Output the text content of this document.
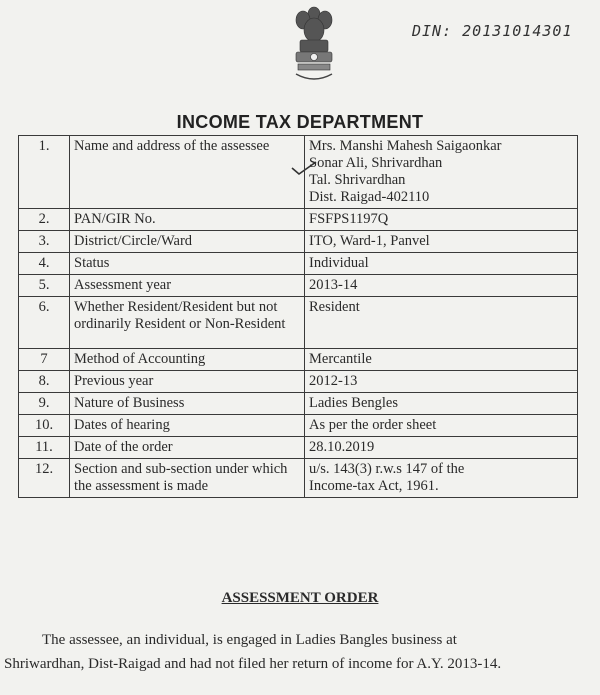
DIN: 20131014301
INCOME TAX DEPARTMENT
1.	Name and address of the assessee	Mrs. Manshi Mahesh Saigaonkar
Sonar Ali, Shrivardhan
Tal. Shrivardhan
Dist. Raigad-402110

2.	PAN/GIR No.	FSFPS1197Q

3.	District/Circle/Ward	ITO, Ward-1, Panvel

4.	Status	Individual

5.	Assessment year	2013-14

6.	Whether Resident/Resident but not ordinarily Resident or Non-Resident	Resident

7	Method of Accounting	Mercantile

8.	Previous year	2012-13

9.	Nature of Business	Ladies Bengles

10.	Dates of hearing	As per the order sheet

11.	Date of the order	28.10.2019

12.	Section and sub-section under which the assessment is made	u/s. 143(3) r.w.s 147 of the
Income-tax Act, 1961.
ASSESSMENT ORDER
The assessee, an individual, is engaged in Ladies Bangles business at
Shriwardhan, Dist-Raigad and had not filed her return of income for A.Y. 2013-14.
